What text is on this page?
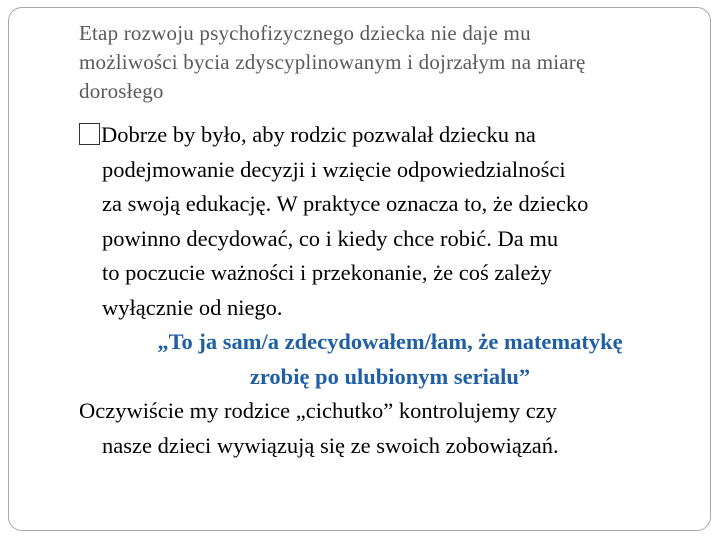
Etap rozwoju psychofizycznego dziecka nie daje mu
możliwości bycia zdyscyplinowanym i dojrzałym na miarę
dorosłego

Dobrze by było, aby rodzic pozwalał dziecku na
podejmowanie decyzji i wzięcie odpowiedzialności
za swoją edukację. W praktyce oznacza to, że dziecko
powinno decydować, co i kiedy chce robić. Da mu
to poczucie ważności i przekonanie, że coś zależy
wyłącznie od niego.

„To ja sam/a zdecydowałem/łam, że matematykę
zrobię po ulubionym serialu”

Oczywiście my rodzice „cichutko” kontrolujemy czy
nasze dzieci wywiązują się ze swoich zobowiązań.
